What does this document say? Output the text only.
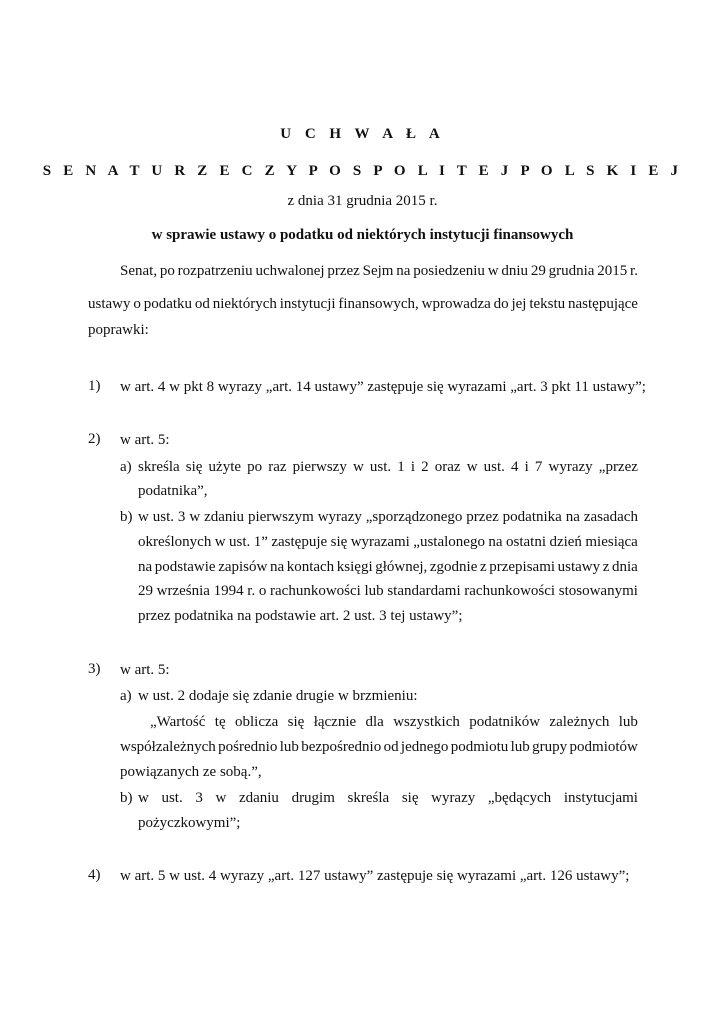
U C H W A Ł A
S E N A T U R Z E C Z Y P O S P O L I T E J P O L S K I E J
z dnia 31 grudnia 2015 r.
w sprawie ustawy o podatku od niektórych instytucji finansowych
Senat, po rozpatrzeniu uchwalonej przez Sejm na posiedzeniu w dniu 29 grudnia 2015 r.
ustawy o podatku od niektórych instytucji finansowych, wprowadza do jej tekstu następujące
poprawki:
1) w art. 4 w pkt 8 wyrazy „art. 14 ustawy” zastępuje się wyrazami „art. 3 pkt 11 ustawy”;
2) w art. 5:
a) skreśla się użyte po raz pierwszy w ust. 1 i 2 oraz w ust. 4 i 7 wyrazy „przez
podatnika”,
b) w ust. 3 w zdaniu pierwszym wyrazy „sporządzonego przez podatnika na zasadach
określonych w ust. 1” zastępuje się wyrazami „ustalonego na ostatni dzień miesiąca
na podstawie zapisów na kontach księgi głównej, zgodnie z przepisami ustawy z dnia
29 września 1994 r. o rachunkowości lub standardami rachunkowości stosowanymi
przez podatnika na podstawie art. 2 ust. 3 tej ustawy”;
3) w art. 5:
a) w ust. 2 dodaje się zdanie drugie w brzmieniu:
„Wartość tę oblicza się łącznie dla wszystkich podatników zależnych lub
współzależnych pośrednio lub bezpośrednio od jednego podmiotu lub grupy podmiotów
powiązanych ze sobą.”,
b) w ust. 3 w zdaniu drugim skreśla się wyrazy „będących instytucjami
pożyczkowymi”;
4) w art. 5 w ust. 4 wyrazy „art. 127 ustawy” zastępuje się wyrazami „art. 126 ustawy”;
